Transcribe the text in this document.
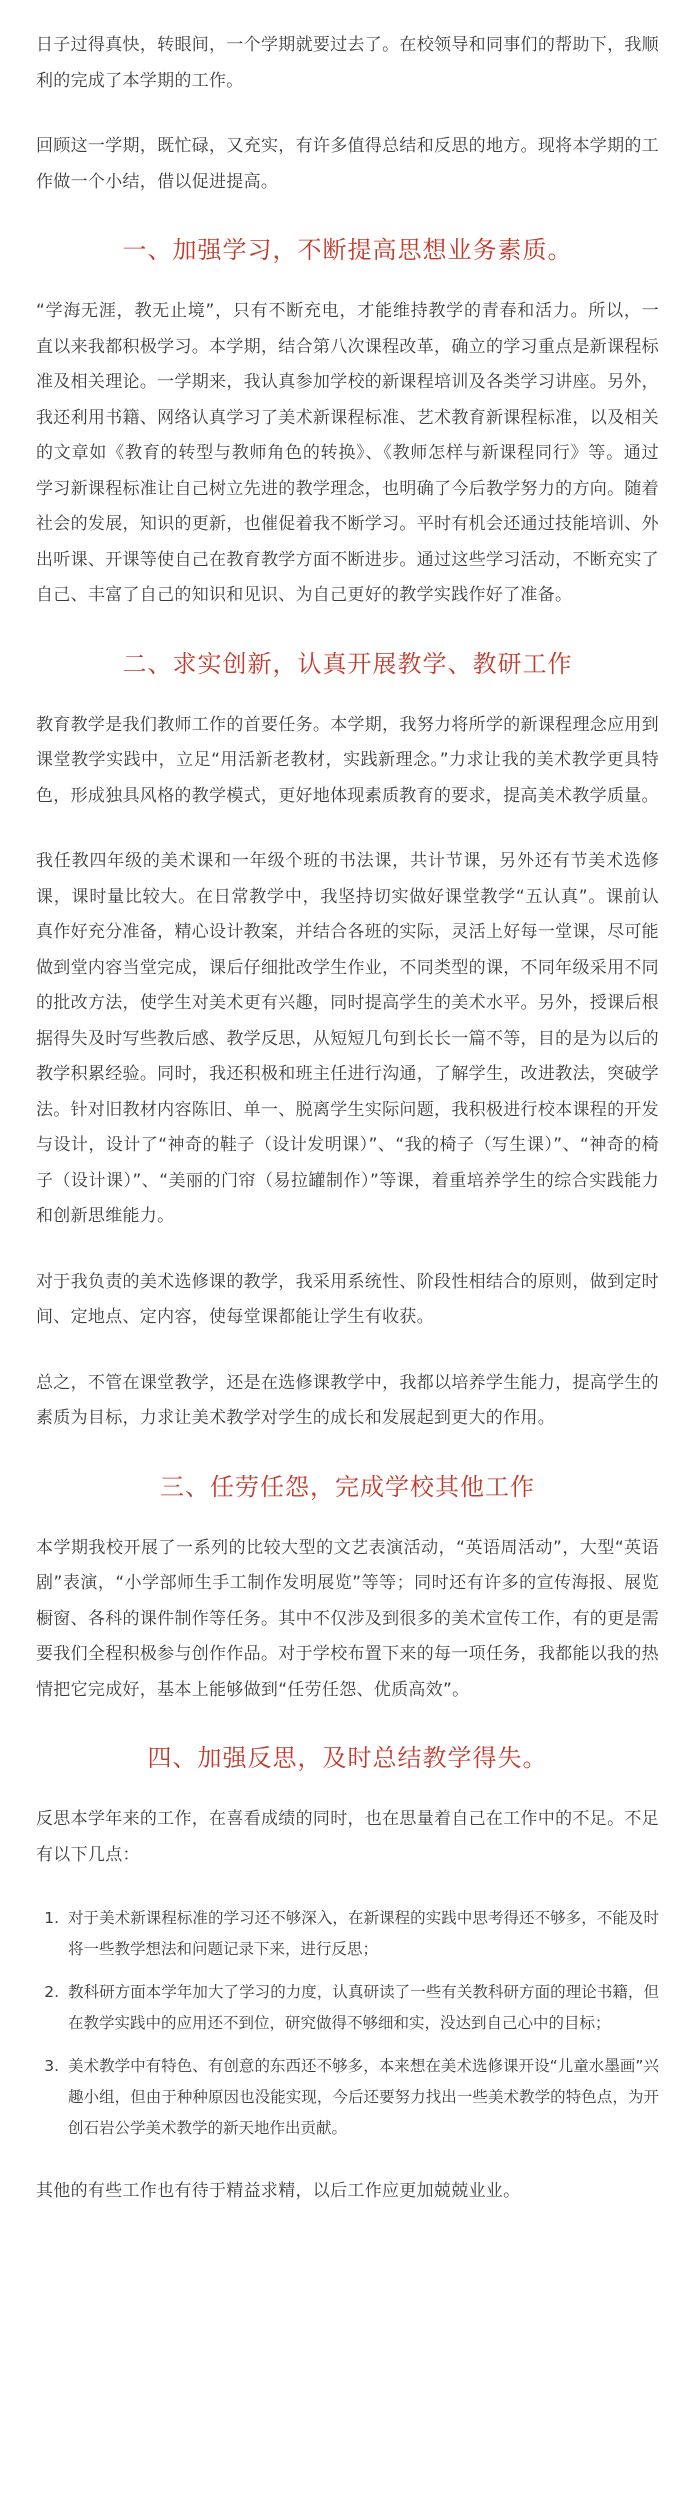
日子过得真快，转眼间，一个学期就要过去了。在校领导和同事们的帮助下，我顺利的完成了本学期的工作。

回顾这一学期，既忙碌，又充实，有许多值得总结和反思的地方。现将本学期的工作做一个小结，借以促进提高。

一、加强学习，不断提高思想业务素质。

“学海无涯，教无止境”，只有不断充电，才能维持教学的青春和活力。所以，一直以来我都积极学习。本学期，结合第八次课程改革，确立的学习重点是新课程标准及相关理论。一学期来，我认真参加学校的新课程培训及各类学习讲座。另外，我还利用书籍、网络认真学习了美术新课程标准、艺术教育新课程标准，以及相关的文章如《教育的转型与教师角色的转换》、《教师怎样与新课程同行》等。通过学习新课程标准让自己树立先进的教学理念，也明确了今后教学努力的方向。随着社会的发展，知识的更新，也催促着我不断学习。平时有机会还通过技能培训、外出听课、开课等使自己在教育教学方面不断进步。通过这些学习活动，不断充实了自己、丰富了自己的知识和见识、为自己更好的教学实践作好了准备。

二、求实创新，认真开展教学、教研工作

教育教学是我们教师工作的首要任务。本学期，我努力将所学的新课程理念应用到课堂教学实践中，立足“用活新老教材，实践新理念。”力求让我的美术教学更具特色，形成独具风格的教学模式，更好地体现素质教育的要求，提高美术教学质量。

我任教四年级的美术课和一年级个班的书法课，共计节课，另外还有节美术选修课，课时量比较大。在日常教学中，我坚持切实做好课堂教学“五认真”。课前认真作好充分准备，精心设计教案，并结合各班的实际，灵活上好每一堂课，尽可能做到堂内容当堂完成，课后仔细批改学生作业，不同类型的课，不同年级采用不同的批改方法，使学生对美术更有兴趣，同时提高学生的美术水平。另外，授课后根据得失及时写些教后感、教学反思，从短短几句到长长一篇不等，目的是为以后的教学积累经验。同时，我还积极和班主任进行沟通，了解学生，改进教法，突破学法。针对旧教材内容陈旧、单一、脱离学生实际问题，我积极进行校本课程的开发与设计，设计了“神奇的鞋子（设计发明课）”、“我的椅子（写生课）”、“神奇的椅子（设计课）”、“美丽的门帘（易拉罐制作）”等课，着重培养学生的综合实践能力和创新思维能力。

对于我负责的美术选修课的教学，我采用系统性、阶段性相结合的原则，做到定时间、定地点、定内容，使每堂课都能让学生有收获。

总之，不管在课堂教学，还是在选修课教学中，我都以培养学生能力，提高学生的素质为目标，力求让美术教学对学生的成长和发展起到更大的作用。

三、任劳任怨，完成学校其他工作

本学期我校开展了一系列的比较大型的文艺表演活动，“英语周活动”，大型“英语剧”表演，“小学部师生手工制作发明展览”等等；同时还有许多的宣传海报、展览橱窗、各科的课件制作等任务。其中不仅涉及到很多的美术宣传工作，有的更是需要我们全程积极参与创作作品。对于学校布置下来的每一项任务，我都能以我的热情把它完成好，基本上能够做到“任劳任怨、优质高效”。

四、加强反思，及时总结教学得失。

反思本学年来的工作，在喜看成绩的同时，也在思量着自己在工作中的不足。不足有以下几点：

1. 对于美术新课程标准的学习还不够深入，在新课程的实践中思考得还不够多，不能及时将一些教学想法和问题记录下来，进行反思；
2. 教科研方面本学年加大了学习的力度，认真研读了一些有关教科研方面的理论书籍，但在教学实践中的应用还不到位，研究做得不够细和实，没达到自己心中的目标；
3. 美术教学中有特色、有创意的东西还不够多，本来想在美术选修课开设“儿童水墨画”兴趣小组，但由于种种原因也没能实现，今后还要努力找出一些美术教学的特色点，为开创石岩公学美术教学的新天地作出贡献。

其他的有些工作也有待于精益求精，以后工作应更加兢兢业业。
